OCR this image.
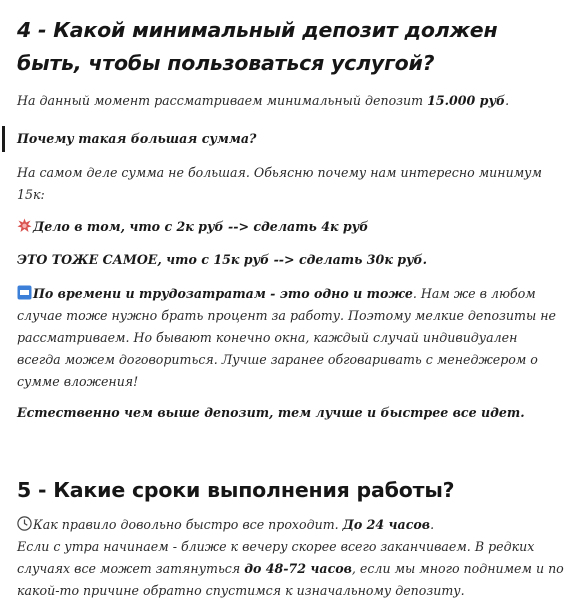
4 - Какой минимальный депозит должен быть, чтобы пользоваться услугой?

На данный момент рассматриваем минимальный депозит 15.000 руб.

Почему такая большая сумма?

На самом деле сумма не большая. Обьясню почему нам интересно минимум 15к:

Дело в том, что с 2к руб --> сделать 4к руб

ЭТО ТОЖЕ САМОЕ, что с 15к руб --> сделать 30к руб.

По времени и трудозатратам - это одно и тоже. Нам же в любом случае тоже нужно брать процент за работу. Поэтому мелкие депозиты не рассматриваем. Но бывают конечно окна, каждый случай индивидуален всегда можем договориться. Лучше заранее обговаривать с менеджером о сумме вложения!

Естественно чем выше депозит, тем лучше и быстрее все идет.

5 - Какие сроки выполнения работы?

Как правило довольно быстро все проходит. До 24 часов.
Если с утра начинаем - ближе к вечеру скорее всего заканчиваем. В редких случаях все может затянуться до 48-72 часов, если мы много поднимем и по какой-то причине обратно спустимся к изначальному депозиту.
